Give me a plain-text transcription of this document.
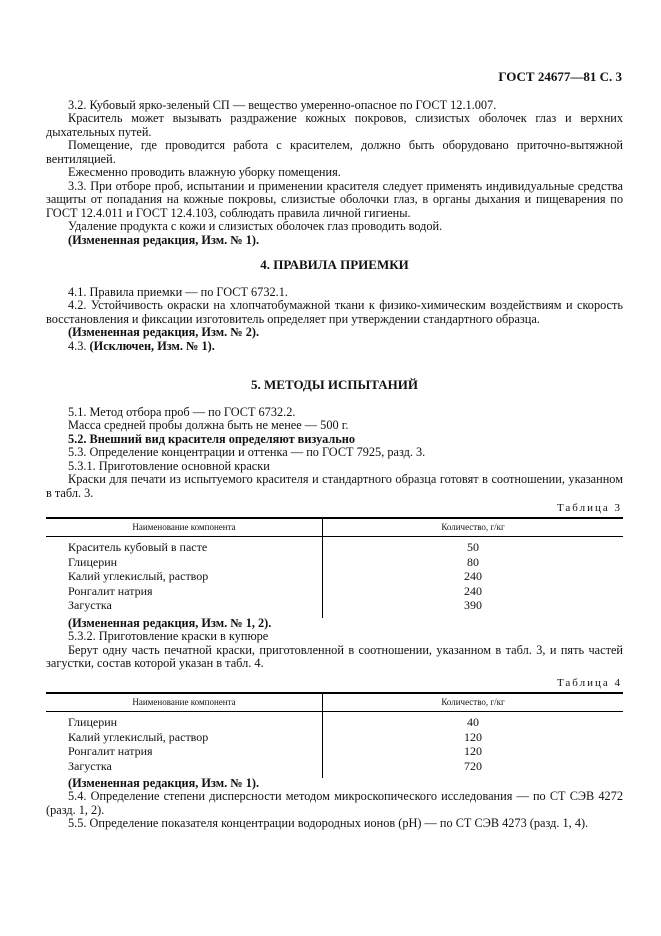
ГОСТ 24677—81 С. 3

3.2. Кубовый ярко-зеленый СП — вещество умеренно-опасное по ГОСТ 12.1.007.

Краситель может вызывать раздражение кожных покровов, слизистых оболочек глаз и верхних дыхательных путей.

Помещение, где проводится работа с красителем, должно быть оборудовано приточно-вытяжной вентиляцией.

Ежесменно проводить влажную уборку помещения.

3.3. При отборе проб, испытании и применении красителя следует применять индивидуальные средства защиты от попадания на кожные покровы, слизистые оболочки глаз, в органы дыхания и пищеварения по ГОСТ 12.4.011 и ГОСТ 12.4.103, соблюдать правила личной гигиены.

Удаление продукта с кожи и слизистых оболочек глаз проводить водой.

(Измененная редакция, Изм. № 1).

4. ПРАВИЛА ПРИЕМКИ

4.1. Правила приемки — по ГОСТ 6732.1.

4.2. Устойчивость окраски на хлопчатобумажной ткани к физико-химическим воздействиям и скорость восстановления и фиксации изготовитель определяет при утверждении стандартного образца.

(Измененная редакция, Изм. № 2).

4.3. (Исключен, Изм. № 1).

5. МЕТОДЫ ИСПЫТАНИЙ

5.1. Метод отбора проб — по ГОСТ 6732.2.

Масса средней пробы должна быть не менее — 500 г.

5.2. Внешний вид красителя определяют визуально

5.3. Определение концентрации и оттенка — по ГОСТ 7925, разд. 3.

5.3.1. Приготовление основной краски

Краски для печати из испытуемого красителя и стандартного образца готовят в соотношении, указанном в табл. 3.

Таблица 3
Наименование компонента	Количество, г/кг
Краситель кубовый в пасте	50
Глицерин	80
Калий углекислый, раствор	240
Ронгалит натрия	240
Загустка	390

(Измененная редакция, Изм. № 1, 2).

5.3.2. Приготовление краски в купюре

Берут одну часть печатной краски, приготовленной в соотношении, указанном в табл. 3, и пять частей загустки, состав которой указан в табл. 4.

Таблица 4
Наименование компонента	Количество, г/кг
Глицерин	40
Калий углекислый, раствор	120
Ронгалит натрия	120
Загустка	720

(Измененная редакция, Изм. № 1).

5.4. Определение степени дисперсности методом микроскопического исследования — по СТ СЭВ 4272 (разд. 1, 2).

5.5. Определение показателя концентрации водородных ионов (рН) — по СТ СЭВ 4273 (разд. 1, 4).
